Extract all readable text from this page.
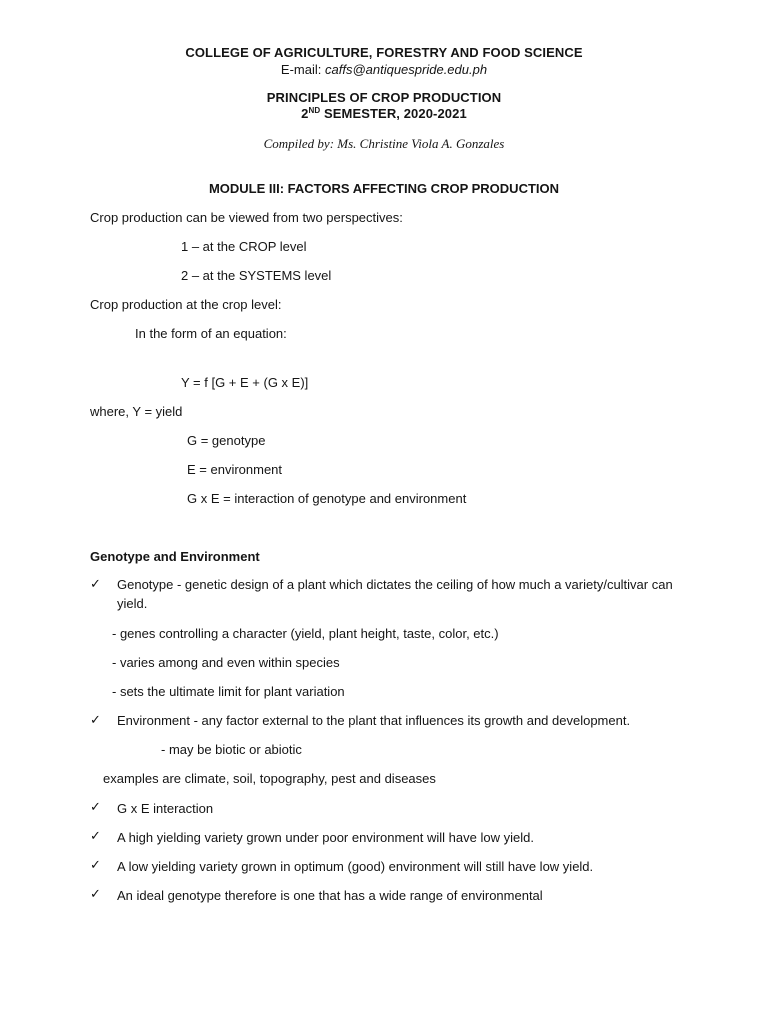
COLLEGE OF AGRICULTURE, FORESTRY AND FOOD SCIENCE
E-mail: caffs@antiquespride.edu.ph
PRINCIPLES OF CROP PRODUCTION
2ND SEMESTER, 2020-2021
Compiled by: Ms. Christine Viola A. Gonzales
MODULE III: FACTORS AFFECTING CROP PRODUCTION
Crop production can be viewed from two perspectives:
1 – at the CROP level
2 – at the SYSTEMS level
Crop production at the crop level:
In the form of an equation:
Y = f [G + E + (G x E)]
where, Y = yield
G = genotype
E = environment
G x E = interaction of genotype and environment
Genotype and Environment
✓ Genotype - genetic design of a plant which dictates the ceiling of how much a variety/cultivar can yield.
- genes controlling a character (yield, plant height, taste, color, etc.)
- varies among and even within species
- sets the ultimate limit for plant variation
✓ Environment - any factor external to the plant that influences its growth and development.
- may be biotic or abiotic
examples are climate, soil, topography, pest and diseases
✓ G x E interaction
✓ A high yielding variety grown under poor environment will have low yield.
✓ A low yielding variety grown in optimum (good) environment will still have low yield.
✓ An ideal genotype therefore is one that has a wide range of environmental
